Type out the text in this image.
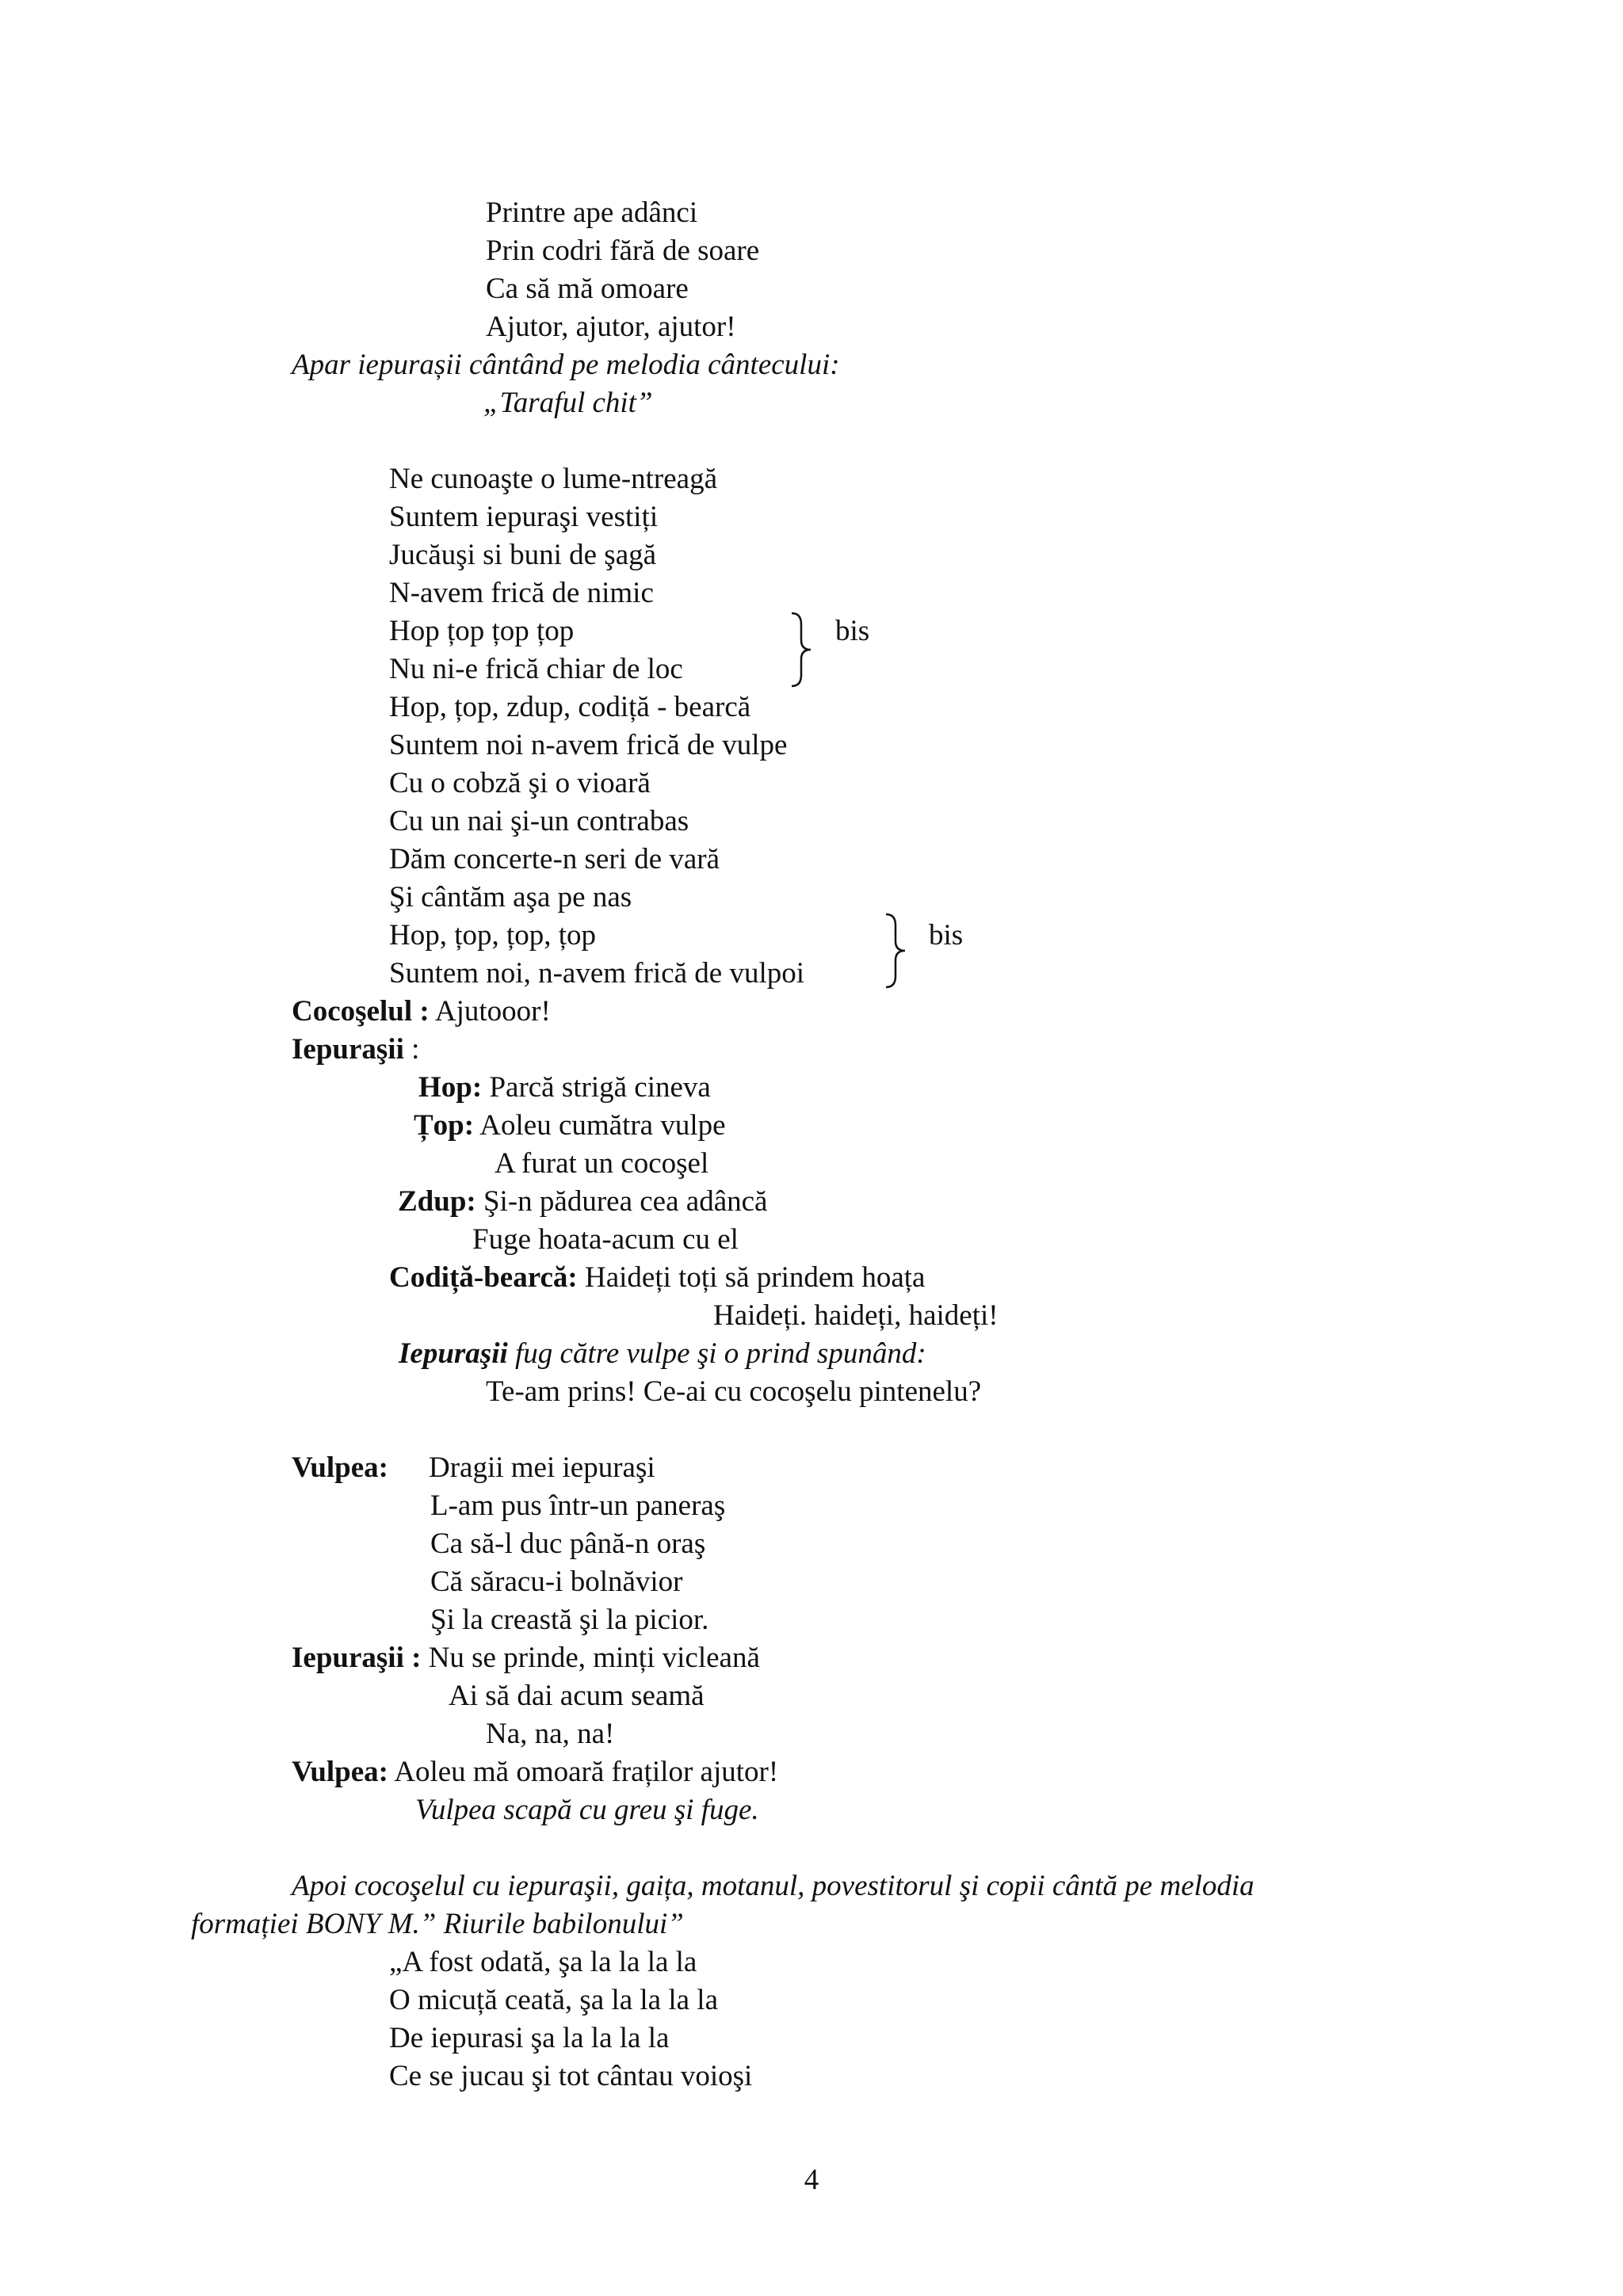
Printre ape adânci
Prin codri fără de soare
Ca să mă omoare
Ajutor, ajutor, ajutor!
Apar iepurașii cântând pe melodia cântecului:
„Taraful chit”
Ne cunoaşte o lume-ntreagă
Suntem iepuraşi vestiți
Jucăuşi si buni de şagă
N-avem frică de nimic
Hop țop țop țop
Nu ni-e frică chiar de loc
Hop, țop, zdup, codiță - bearcă
Suntem noi n-avem frică de vulpe
Cu o cobză şi o vioară
Cu un nai şi-un contrabas
Dăm concerte-n seri de vară
Şi cântăm aşa pe nas
Hop, țop, țop, țop
Suntem noi, n-avem frică de vulpoi
bis
bis
Cocoşelul : Ajutooor!
Iepuraşii :
Hop: Parcă strigă cineva
Țop: Aoleu cumătra vulpe
A furat un cocoşel
Zdup: Şi-n pădurea cea adâncă
Fuge hoata-acum cu el
Codiță-bearcă: Haideți toți să prindem hoața
Haideți. haideți, haideți!
Iepuraşii fug către vulpe şi o prind spunând:
Te-am prins! Ce-ai cu cocoşelu pintenelu?
Vulpea: Dragii mei iepuraşi
L-am pus într-un paneraş
Ca să-l duc până-n oraş
Că săracu-i bolnăvior
Şi la creastă şi la picior.
Iepuraşii : Nu se prinde, minți vicleană
Ai să dai acum seamă
Na, na, na!
Vulpea: Aoleu mă omoară fraților ajutor!
Vulpea scapă cu greu şi fuge.
Apoi cocoşelul cu iepuraşii, gaița, motanul, povestitorul şi copii cântă pe melodia
formației BONY M.” Riurile babilonului”
„A fost odată, şa la la la la
O micuță ceată, şa la la la la
De iepurasi şa la la la la
Ce se jucau şi tot cântau voioşi
4
